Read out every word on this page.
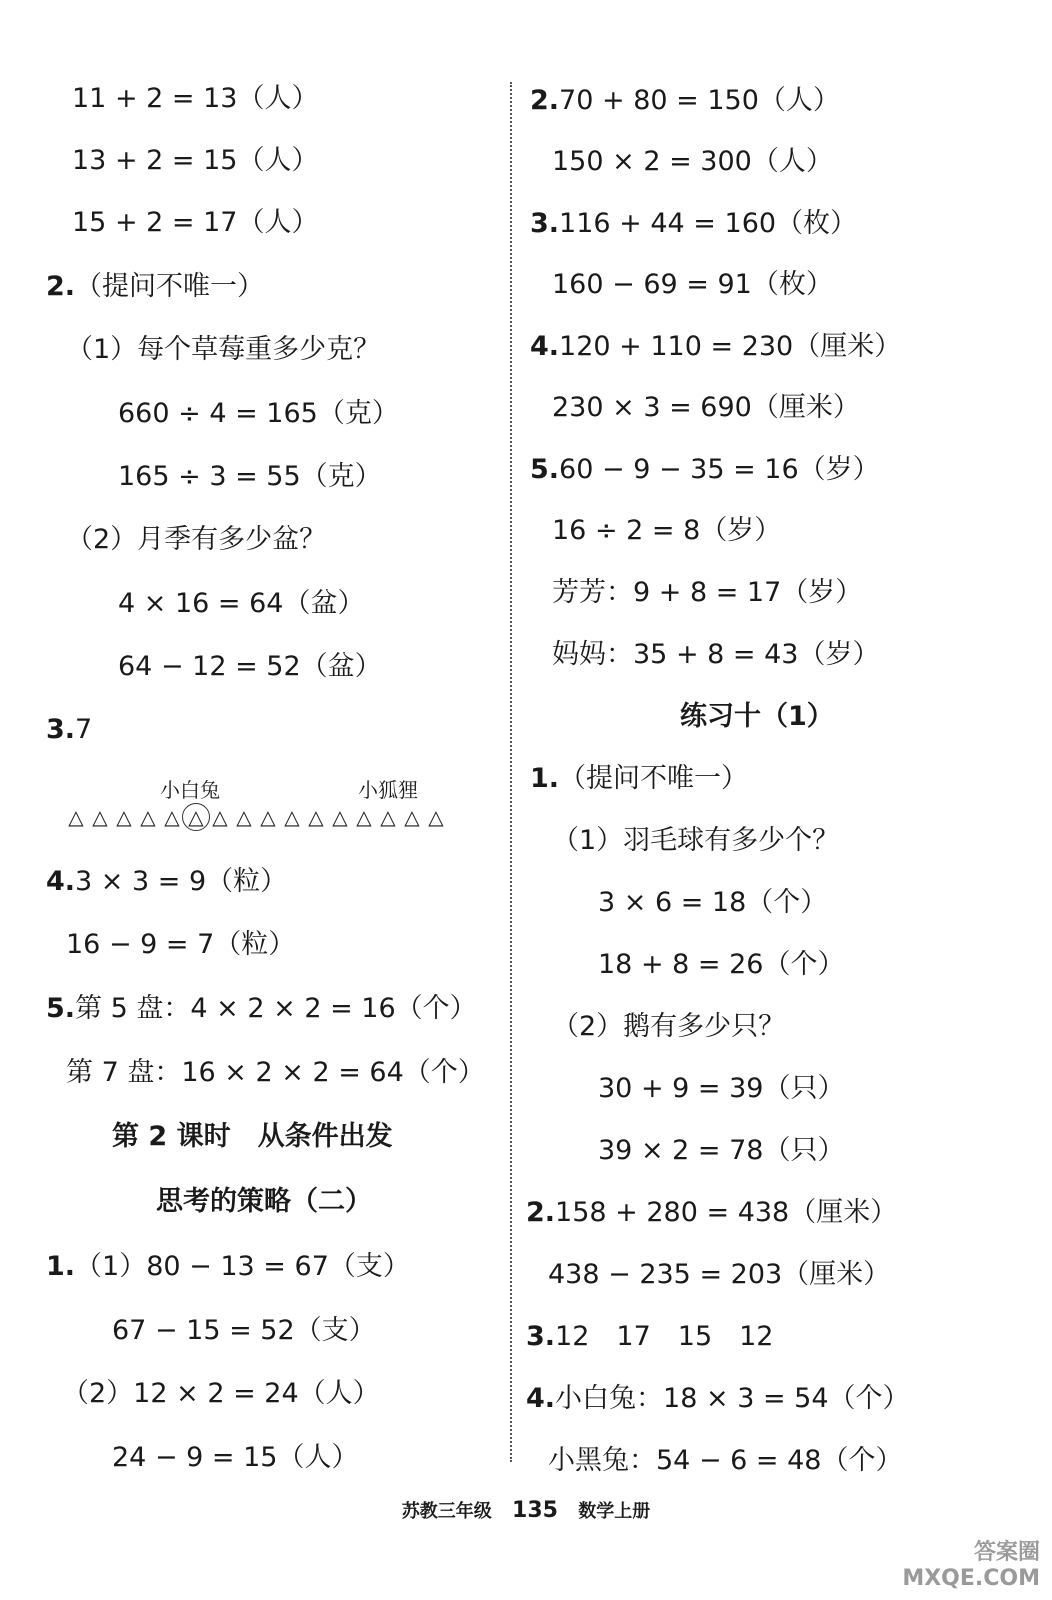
11 + 2 = 13（人）
13 + 2 = 15（人）
15 + 2 = 17（人）
2.（提问不唯一）
（1）每个草莓重多少克？
660 ÷ 4 = 165（克）
165 ÷ 3 = 55（克）
（2）月季有多少盆？
4 × 16 = 64（盆）
64 − 12 = 52（盆）
3.7
小白兔	小狐狸
△ △ △ △ △ △ △ △ △ △ △ △ △ △ △ △
4.3 × 3 = 9（粒）
16 − 9 = 7（粒）
5.第 5 盘：4 × 2 × 2 = 16（个）
第 7 盘：16 × 2 × 2 = 64（个）
第 2 课时　从条件出发
思考的策略（二）
1.（1）80 − 13 = 67（支）
67 − 15 = 52（支）
（2）12 × 2 = 24（人）
24 − 9 = 15（人）
2.70 + 80 = 150（人）
150 × 2 = 300（人）
3.116 + 44 = 160（枚）
160 − 69 = 91（枚）
4.120 + 110 = 230（厘米）
230 × 3 = 690（厘米）
5.60 − 9 − 35 = 16（岁）
16 ÷ 2 = 8（岁）
芳芳：9 + 8 = 17（岁）
妈妈：35 + 8 = 43（岁）
练习十（1）
1.（提问不唯一）
（1）羽毛球有多少个？
3 × 6 = 18（个）
18 + 8 = 26（个）
（2）鹅有多少只？
30 + 9 = 39（只）
39 × 2 = 78（只）
2.158 + 280 = 438（厘米）
438 − 235 = 203（厘米）
3.12　17　15　12
4.小白兔：18 × 3 = 54（个）
小黑兔：54 − 6 = 48（个）
苏教三年级 135 数学上册
答案圈
MXQE.COM
